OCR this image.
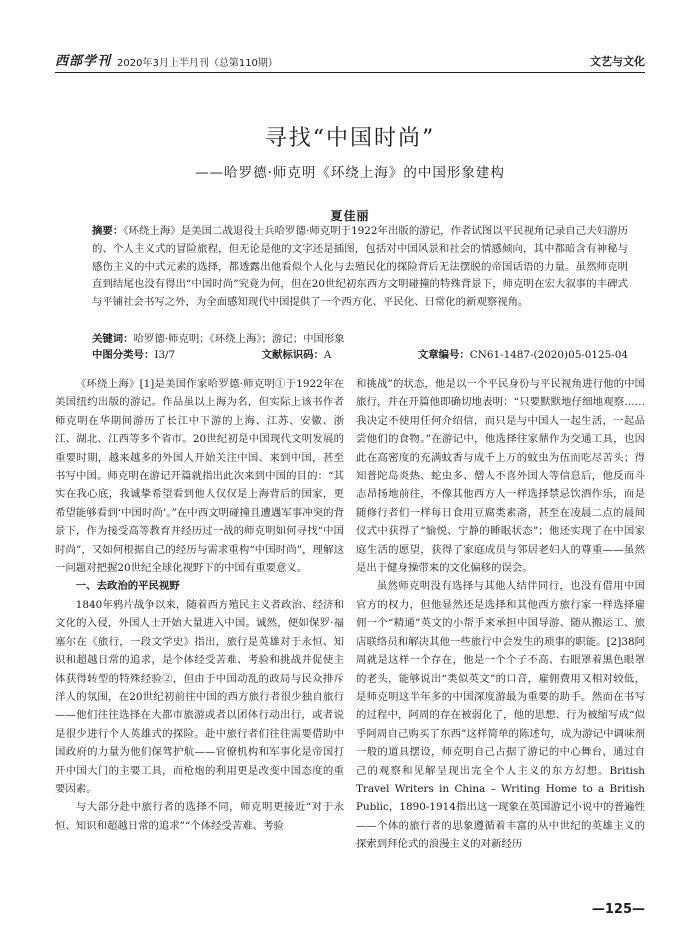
西部学刊 2020年3月上半月刊（总第110期）	文艺与文化
寻找“中国时尚”
——哈罗德·师克明《环绕上海》的中国形象建构
夏佳丽

摘要：《环绕上海》是美国二战退役士兵哈罗德·师克明于1922年出版的游记，作者试图以平民视角记录自己夫妇游历的、个人主义式的冒险旅程，但无论是他的文字还是插图，包括对中国风景和社会的情感倾向，其中都暗含有神秘与感伤主义的中式元素的选择，都透露出他看似个人化与去殖民化的探险背后无法摆脱的帝国话语的力量。虽然师克明直到结尾也没有得出“中国时尚”究竟为何，但在20世纪初东西方文明碰撞的特殊背景下，师克明在宏大叙事的丰碑式与平铺社会书写之外，为全面感知现代中国提供了一个西方化、平民化、日常化的新观察视角。

关键词：哈罗德·师克明；《环绕上海》；游记；中国形象
中图分类号：I3/7	文献标识码：A	文章编号：CN61-1487-(2020)05-0125-04

《环绕上海》[1]是美国作家哈罗德·师克明①于1922年在美国纽约出版的游记。作品虽以上海为名，但实际上该书作者师克明在华期间游历了长江中下游的上海、江苏、安徽、浙江、湖北、江西等多个省市。20世纪初是中国现代文明发展的重要时期，越来越多的外国人开始关注中国、来到中国，甚至书写中国。师克明在游记开篇就指出此次来到中国的目的：“其实在我心底，我诚挚希望看到他人仅仅是上海背后的国家，更希望能够看到‘中国时尚’。”在中西文明碰撞且遭遇军事冲突的背景下，作为接受高等教育并经历过一战的师克明如何寻找“中国时尚”，又如何根据自己的经历与需求重构“中国时尚”，理解这一问题对把握20世纪全球化视野下的中国有重要意义。

一、去政治的平民视野

1840年鸦片战争以来，随着西方殖民主义者政治、经济和文化的入侵，外国人士开始大量进入中国。诚然，便如保罗·福塞尔在《旅行，一段文学史》指出，旅行是英雄对于永恒、知识和超越日常的追求，是个体经受苦难、考验和挑战并促使主体获得转型的特殊经验②，但由于中国动乱的政局与民众排斥洋人的氛围，在20世纪初前往中国的西方旅行者很少独自旅行——他们往往选择在大都市旅游或者以团体行动出行，或者说是很少进行个人英雄式的探险。赴中旅行者们往往需要借助中国政府的力量为他们保驾护航——官僚机构和军事化是帝国打开中国大门的主要工具，而枪炮的利用更是改变中国态度的重要因素。

与大部分赴中旅行者的选择不同，师克明更接近“对于永恒、知识和超越日常的追求”“个体经受苦难、考验

和挑战”的状态，他是以一个平民身份与平民视角进行他的中国旅行，并在开篇他即确切地表明：“只要默默地仔细地观察……我决定不使用任何介绍信，而只是与中国人一起生活，一起品尝他们的食物。”在游记中，他选择往家鼎作为交通工具，也因此在高密度的充满蚊香与成千上万的蚊虫为伍而吃尽苦头；得知普陀岛炎热、蛇虫多、僧人不喜外国人等信息后，他反而斗志昂扬地前往，不像其他西方人一样选择禁忌饮酒作乐，而是随修行者们一样每日食用豆腐类素斋，甚至在凌晨二点的晨间仪式中获得了“愉悦、宁静的睡眠状态”；他还实现了在中国家庭生活的愿望，获得了家庭成员与邻居老妇人的尊重——虽然是出于健身操带来的文化偏移的误会。

虽然师克明没有选择与其他人结伴同行，也没有借用中国官方的权力，但他显然还是选择和其他西方旅行家一样选择雇佣一个“精通”英文的小帮手来承担中国导游、随从搬运工、旅店联络员和解决其他一些旅行中会发生的琐事的职能。[2]38阿周就是这样一个存在，他是一个个子不高、右眼罩着黑色眼罩的老头，能够说出“类似英文”的口音，雇佣费用又相对较低，是师克明这半年多的中国深度游最为重要的助手。然而在书写的过程中，阿周的存在被弱化了，他的思想、行为被缩写成“似乎阿周自己购买了东西”这样简单的陈述句，成为游记中调味剂一般的道具摆设，师克明自己占据了游记的中心舞台，通过自己的观察和见解呈现出完全个人主义的东方幻想。British Travel Writers in China – Writing Home to a British Public，1890-1914指出这一现象在英国游记小说中的普遍性——个体的旅行者的思象遵循着丰富的从中世纪的英雄主义的探索到拜伦式的浪漫主义的对新经历

—125—
